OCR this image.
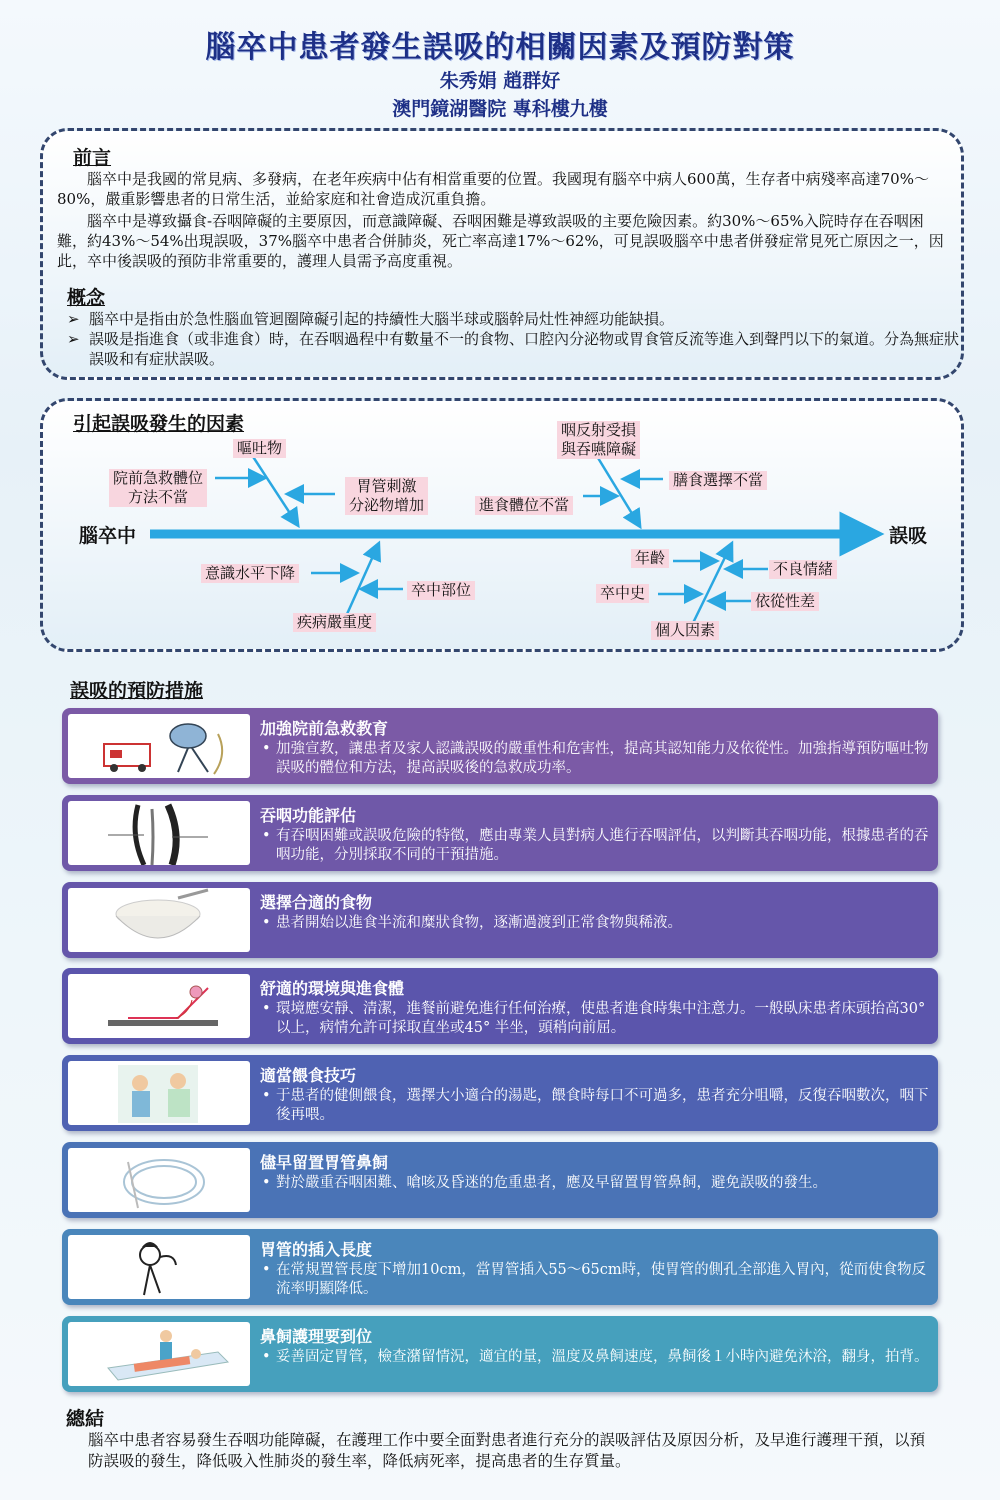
腦卒中患者發生誤吸的相關因素及預防對策
朱秀娟 趙群好
澳門鏡湖醫院 專科樓九樓
前言
腦卒中是我國的常見病、多發病，在老年疾病中佔有相當重要的位置。我國現有腦卒中病人600萬，生存者中病殘率高達70%～80%，嚴重影響患者的日常生活，並給家庭和社會造成沉重負擔。
腦卒中是導致攝食-吞咽障礙的主要原因，而意識障礙、吞咽困難是導致誤吸的主要危險因素。約30%～65%入院時存在吞咽困難，約43%～54%出現誤吸，37%腦卒中患者合併肺炎，死亡率高達17%～62%，可見誤吸腦卒中患者併發症常見死亡原因之一，因此，卒中後誤吸的預防非常重要的，護理人員需予高度重視。
概念
➢ 腦卒中是指由於急性腦血管迴圈障礙引起的持續性大腦半球或腦幹局灶性神經功能缺損。
➢ 誤吸是指進食（或非進食）時，在吞咽過程中有數量不一的食物、口腔內分泌物或胃食管反流等進入到聲門以下的氣道。分為無症狀誤吸和有症狀誤吸。
引起誤吸發生的因素
腦卒中	誤吸
嘔吐物
院前急救體位
方法不當
胃管刺激
分泌物增加
咽反射受損
與吞嚥障礙
膳食選擇不當
進食體位不當
意識水平下降
卒中部位
疾病嚴重度
年齡
卒中史
不良情緒
依從性差
個人因素
誤吸的預防措施
加強院前急救教育
• 加強宣教，讓患者及家人認識誤吸的嚴重性和危害性，提高其認知能力及依從性。加強指導預防嘔吐物誤吸的體位和方法，提高誤吸後的急救成功率。
吞咽功能評估
• 有吞咽困難或誤吸危險的特徵，應由專業人員對病人進行吞咽評估，以判斷其吞咽功能，根據患者的吞咽功能，分別採取不同的干預措施。
選擇合適的食物
• 患者開始以進食半流和糜狀食物，逐漸過渡到正常食物與稀液。
舒適的環境與進食體
• 環境應安靜、清潔，進餐前避免進行任何治療，使患者進食時集中注意力。一般臥床患者床頭抬高30° 以上，病情允許可採取直坐或45° 半坐，頭稍向前屈。
適當餵食技巧
• 于患者的健側餵食，選擇大小適合的湯匙，餵食時每口不可過多，患者充分咀嚼，反復吞咽數次，咽下後再喂。
儘早留置胃管鼻飼
• 對於嚴重吞咽困難、嗆咳及昏迷的危重患者，應及早留置胃管鼻飼，避免誤吸的發生。
胃管的插入長度
• 在常規置管長度下增加10cm，當胃管插入55～65cm時，使胃管的側孔全部進入胃內，從而使食物反流率明顯降低。
鼻飼護理要到位
• 妥善固定胃管，檢查潴留情況，適宜的量，溫度及鼻飼速度，鼻飼後１小時內避免沐浴，翻身，拍背。
總結
腦卒中患者容易發生吞咽功能障礙，在護理工作中要全面對患者進行充分的誤吸評估及原因分析，及早進行護理干預，以預防誤吸的發生，降低吸入性肺炎的發生率，降低病死率，提高患者的生存質量。
